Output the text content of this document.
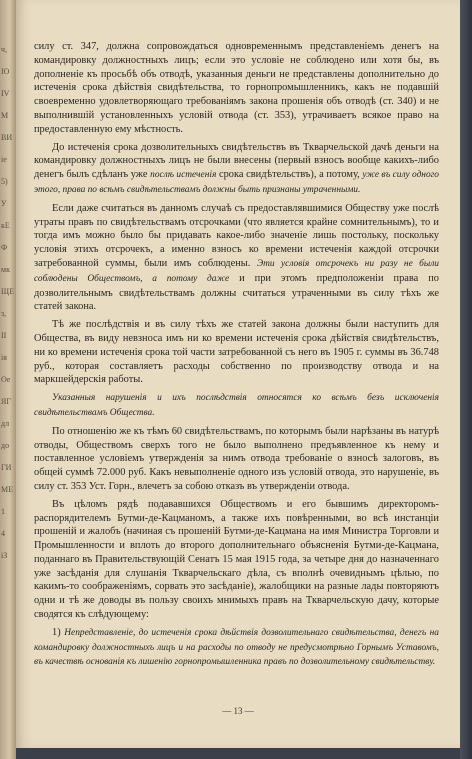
ч,
ІО
IV
М
ВИ
іе
5)
У
кЕ
Ф
мк
ЩЕ
з,
ІЇ
ія
Ое
ЯГ
дл
до
ГИ
МЕ
1
4
іЗ

силу ст. 347, должна сопровождаться одновременнымъ представленіемъ денегъ на командировку должностныхъ лицъ; если это условіе не соблюдено или хотя бы, въ дополненіе къ просьбѣ объ отводѣ, указанныя деньги не представлены дополнительно до истеченія срока дѣйствія свидѣтельства, то горнопромышленникъ, какъ не подавшій своевременно удовлетворяющаго требованіямъ закона прошенія объ отводѣ (ст. 340) и не выполнившій установленныхъ условій отвода (ст. 353), утрачиваетъ всякое право на предоставленную ему мѣстность.

До истеченія срока дозволительныхъ свидѣтельствъ въ Ткварчельской дачѣ деньги на командировку должностныхъ лицъ не были внесены (первый взносъ вообще какихъ-либо денегъ былъ сдѣланъ уже послѣ истеченія срока свидѣтельствъ), а потому, уже въ силу одного этого, права по всѣмъ свидѣтельствамъ должны быть признаны утраченными.

Если даже считаться въ данномъ случаѣ съ предоставлявшимися Обществу уже послѣ утраты правъ по свидѣтельствамъ отсрочками (что является крайне сомнительнымъ), то и тогда имъ можно было бы придавать какое-либо значеніе лишь постольку, поскольку условія этихъ отсрочекъ, а именно взносъ ко времени истеченія каждой отсрочки затребованной суммы, были имъ соблюдены. Эти условія отсрочекъ ни разу не были соблюдены Обществомъ, а потому даже и при этомъ предположеніи права по дозволительнымъ свидѣтельствамъ должны считаться утраченными въ силу тѣхъ же статей закона.

Тѣ же послѣдствія и въ силу тѣхъ же статей закона должны были наступить для Общества, въ виду невзноса имъ ни ко времени истеченія срока дѣйствія свидѣтельствъ, ни ко времени истеченія срока той части затребованной съ него въ 1905 г. суммы въ 36.748 руб., которая составляетъ расходы собственно по производству отвода и на маркшейдерскія работы.

Указанныя нарушенія и ихъ послѣдствія относятся ко всѣмъ безъ исключенія свидѣтельствамъ Общества.

По отношенію же къ тѣмъ 60 свидѣтельствамъ, по которымъ были нарѣзаны въ натурѣ отводы, Обществомъ сверхъ того не было выполнено предъявленное къ нему и поставленное условіемъ утвержденія за нимъ отвода требованіе о взносѣ залоговъ, въ общей суммѣ 72.000 руб. Какъ невыполненіе одного изъ условій отвода, это нарушеніе, въ силу ст. 353 Уст. Горн., влечетъ за собою отказъ въ утвержденіи отвода.

Въ цѣломъ рядѣ подававшихся Обществомъ и его бывшимъ директоромъ-распорядителемъ Бутми-де-Кацманомъ, а также ихъ повѣренными, во всѣ инстанціи прошеній и жалобъ (начиная съ прошеній Бутми-де-Кацмана на имя Министра Торговли и Промышленности и вплоть до второго дополнительнаго объясненія Бутми-де-Кацмана, поданнаго въ Правительствующій Сенатъ 15 мая 1915 года, за четыре дня до назначеннаго уже засѣданія для слушанія Ткварчельскаго дѣла, съ вполнѣ очевиднымъ цѣлью, по какимъ-то соображеніямъ, сорвать это засѣданіе), жалобщики на разные лады повторяютъ одни и тѣ же доводы въ пользу своихъ мнимыхъ правъ на Ткварчельскую дачу, которые сводятся къ слѣдующему:

1) Непредставленіе, до истеченія срока дѣйствія дозволительнаго свидѣтельства, денегъ на командировку должностныхъ лицъ и на расходы по отводу не предусмотрѣно Горнымъ Уставомъ, въ качествѣ основанія къ лишенію горнопромышленника правъ по дозволительному свидѣтельству.

— 13 —
